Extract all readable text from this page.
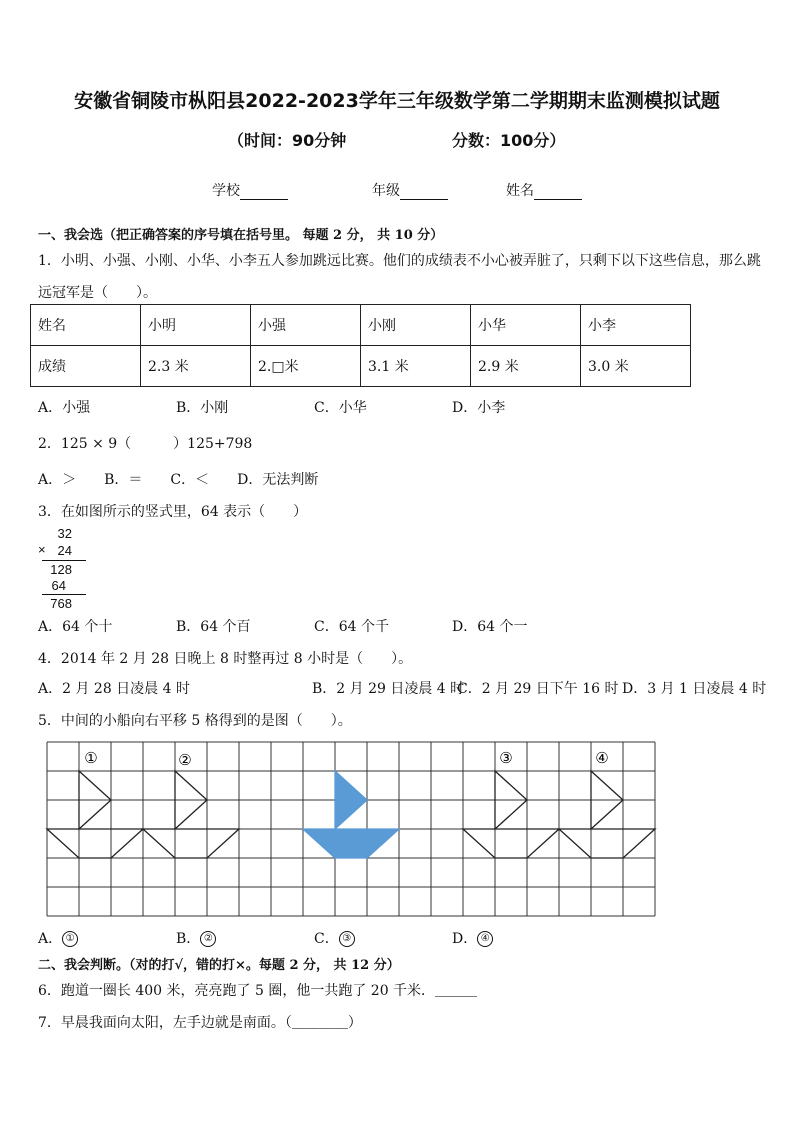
安徽省铜陵市枞阳县2022-2023学年三年级数学第二学期期末监测模拟试题
（时间：90分钟	分数：100分）
学校	年级	姓名
一、我会选（把正确答案的序号填在括号里。 每题 2 分， 共 10 分）
1．小明、小强、小刚、小华、小李五人参加跳远比赛。他们的成绩表不小心被弄脏了，只剩下以下这些信息，那么跳
远冠军是（　　）。
姓名	小明	小强	小刚	小华	小李
成绩	2.3 米	2.□米	3.1 米	2.9 米	3.0 米
A．小强	B．小刚	C．小华	D．小李
2．125 × 9（　　　）125+798
A．＞　　B．＝　　C．＜　　D．无法判断
3．在如图所示的竖式里，64 表示（　　）
32
× 24
128
64
768
A．64 个十	B．64 个百	C．64 个千	D．64 个一
4．2014 年 2 月 28 日晚上 8 时整再过 8 小时是（　　）。
A．2 月 28 日凌晨 4 时	B．2 月 29 日凌晨 4 时
C．2 月 29 日下午 16 时 D．3 月 1 日凌晨 4 时
5．中间的小船向右平移 5 格得到的是图（　　）。
①	②	③	④
A． ①	B． ②	C． ③	D． ④
二、我会判断。（对的打√，错的打×。每题 2 分， 共 12 分）
6．跑道一圈长 400 米，亮亮跑了 5 圈，他一共跑了 20 千米．＿＿＿
7．早晨我面向太阳，左手边就是南面。（＿＿＿＿）
